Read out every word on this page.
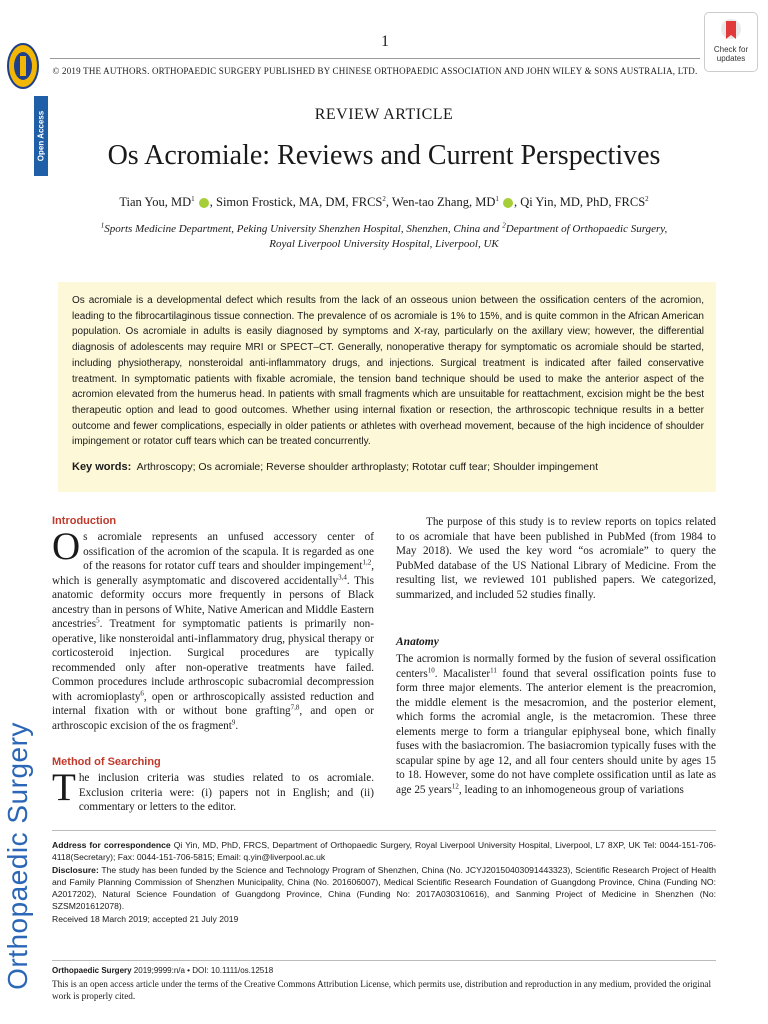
Open Access
Orthopaedic Surgery
1
© 2019 THE AUTHORS. ORTHOPAEDIC SURGERY PUBLISHED BY CHINESE ORTHOPAEDIC ASSOCIATION AND JOHN WILEY & SONS AUSTRALIA, LTD.
Check for updates
REVIEW ARTICLE
Os Acromiale: Reviews and Current Perspectives
Tian You, $MD^1$ , Simon Frostick, MA, DM, FRCS$^2$, Wen-tao Zhang, $MD^1$ , Qi Yin, MD, PhD, FRCS$^2$
$^1$Sports Medicine Department, Peking University Shenzhen Hospital, Shenzhen, China and $^2$Department of Orthopaedic Surgery, Royal Liverpool University Hospital, Liverpool, UK
Os acromiale is a developmental defect which results from the lack of an osseous union between the ossification centers of the acromion, leading to the fibrocartilaginous tissue connection. The prevalence of os acromiale is 1% to 15%, and is quite common in the African American population. Os acromiale in adults is easily diagnosed by symptoms and X-ray, particularly on the axillary view; however, the differential diagnosis of adolescents may require MRI or SPECT–CT. Generally, nonoperative therapy for symptomatic os acromiale should be started, including physiotherapy, nonsteroidal anti-inflammatory drugs, and injections. Surgical treatment is indicated after failed conservative treatment. In symptomatic patients with fixable acromiale, the tension band technique should be used to make the anterior aspect of the acromion elevated from the humerus head. In patients with small fragments which are unsuitable for reattachment, excision might be the best therapeutic option and lead to good outcomes. Whether using internal fixation or resection, the arthroscopic technique results in a better outcome and fewer complications, especially in older patients or athletes with overhead movement, because of the high incidence of shoulder impingement or rotator cuff tears which can be treated concurrently.
Key words: Arthroscopy; Os acromiale; Reverse shoulder arthroplasty; Rototar cuff tear; Shoulder impingement
Introduction
Os acromiale represents an unfused accessory center of ossification of the acromion of the scapula. It is regarded as one of the reasons for rotator cuff tears and shoulder impingement$^{1,2}$, which is generally asymptomatic and discovered accidentally$^{3,4}$. This anatomic deformity occurs more frequently in persons of Black ancestry than in persons of White, Native American and Middle Eastern ancestries$^5$. Treatment for symptomatic patients is primarily non-operative, like nonsteroidal anti-inflammatory drug, physical therapy or corticosteroid injection. Surgical procedures are typically recommended only after non-operative treatments have failed. Common procedures include arthroscopic subacromial decompression with acromioplasty$^6$, open or arthroscopically assisted reduction and internal fixation with or without bone grafting$^{7,8}$, and open or arthroscopic excision of the os fragment$^9$.
Method of Searching
The inclusion criteria was studies related to os acromiale. Exclusion criteria were: (i) papers not in English; and (ii) commentary or letters to the editor.
The purpose of this study is to review reports on topics related to os acromiale that have been published in PubMed (from 1984 to May 2018). We used the key word “os acromiale” to query the PubMed database of the US National Library of Medicine. From the resulting list, we reviewed 101 published papers. We categorized, summarized, and included 52 studies finally.
Anatomy
The acromion is normally formed by the fusion of several ossification centers$^{10}$. Macalister$^{11}$ found that several ossification points fuse to form three major elements. The anterior element is the preacromion, the middle element is the mesacromion, and the posterior element, which forms the acromial angle, is the metacromion. These three elements merge to form a triangular epiphyseal bone, which finally fuses with the basiacromion. The basiacromion typically fuses with the scapular spine by age 12, and all four centers should unite by ages 15 to 18. However, some do not have complete ossification until as late as age 25 years$^{12}$, leading to an inhomogeneous group of variations
Address for correspondence Qi Yin, MD, PhD, FRCS, Department of Orthopaedic Surgery, Royal Liverpool University Hospital, Liverpool, L7 8XP, UK Tel: 0044-151-706-4118(Secretary); Fax: 0044-151-706-5815; Email: q.yin@liverpool.ac.uk
Disclosure: The study has been funded by the Science and Technology Program of Shenzhen, China (No. JCYJ20150403091443323), Scientific Research Project of Health and Family Planning Commission of Shenzhen Municipality, China (No. 201606007), Medical Scientific Research Foundation of Guangdong Province, China (Funding NO: A2017202), Natural Science Foundation of Guangdong Province, China (Funding No: 2017A030310616), and Sanming Project of Medicine in Shenzhen (No: SZSM201612078).
Received 18 March 2019; accepted 21 July 2019
Orthopaedic Surgery 2019;9999:n/a • DOI: 10.1111/os.12518
This is an open access article under the terms of the Creative Commons Attribution License, which permits use, distribution and reproduction in any medium, provided the original work is properly cited.
